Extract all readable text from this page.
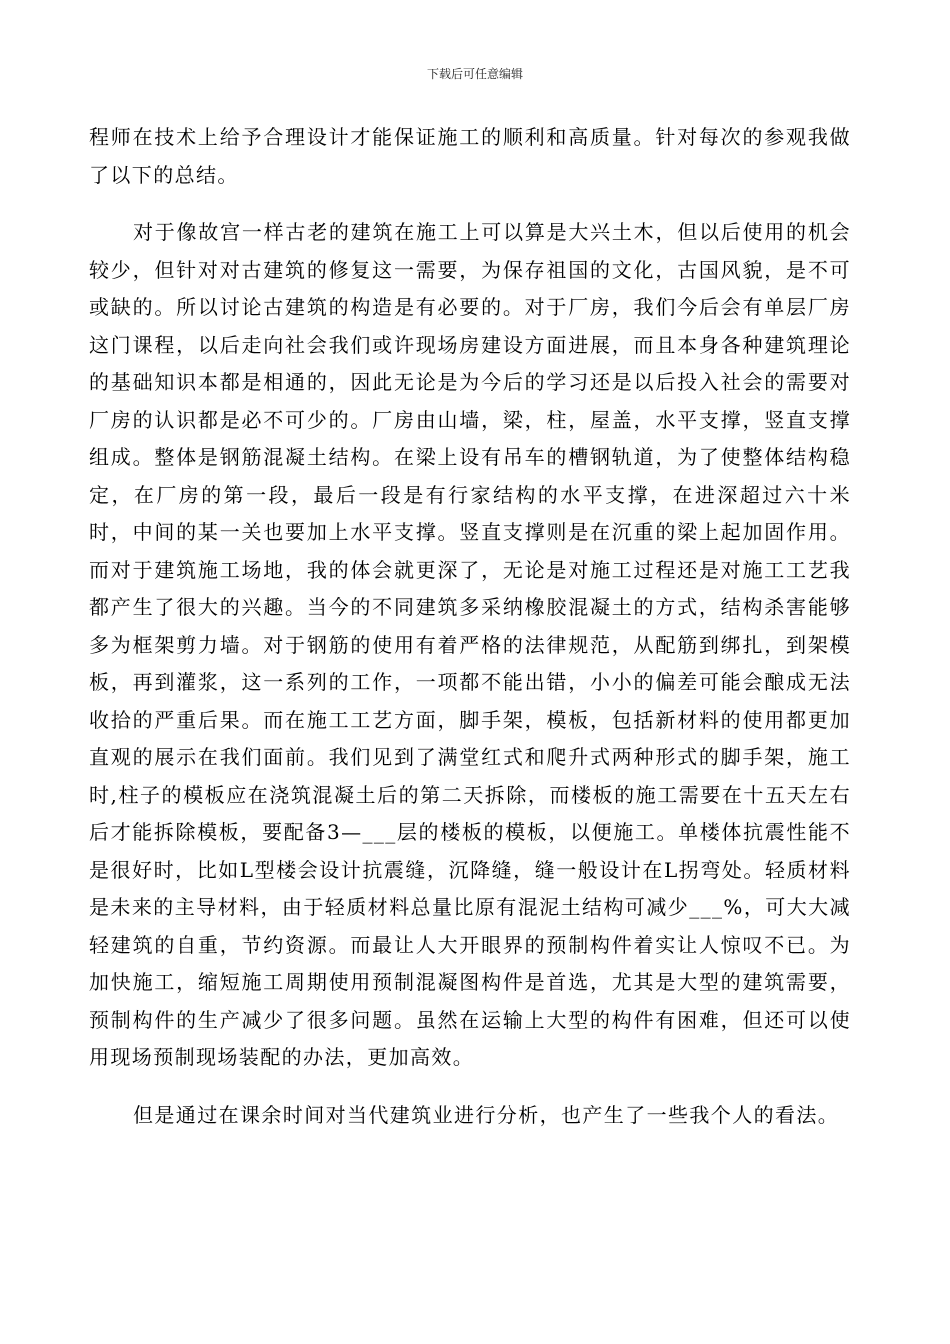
下载后可任意编辑

程师在技术上给予合理设计才能保证施工的顺利和高质量。针对每次的参观我做了以下的总结。

对于像故宫一样古老的建筑在施工上可以算是大兴土木，但以后使用的机会较少，但针对对古建筑的修复这一需要，为保存祖国的文化，古国风貌，是不可或缺的。所以讨论古建筑的构造是有必要的。对于厂房，我们今后会有单层厂房这门课程，以后走向社会我们或许现场房建设方面进展，而且本身各种建筑理论的基础知识本都是相通的，因此无论是为今后的学习还是以后投入社会的需要对厂房的认识都是必不可少的。厂房由山墙，梁，柱，屋盖，水平支撑，竖直支撑组成。整体是钢筋混凝土结构。在梁上设有吊车的槽钢轨道，为了使整体结构稳定，在厂房的第一段，最后一段是有行家结构的水平支撑，在进深超过六十米时，中间的某一关也要加上水平支撑。竖直支撑则是在沉重的梁上起加固作用。而对于建筑施工场地，我的体会就更深了，无论是对施工过程还是对施工工艺我都产生了很大的兴趣。当今的不同建筑多采纳橡胶混凝土的方式，结构杀害能够多为框架剪力墙。对于钢筋的使用有着严格的法律规范，从配筋到绑扎，到架模板，再到灌浆，这一系列的工作，一项都不能出错，小小的偏差可能会酿成无法收拾的严重后果。而在施工工艺方面，脚手架，模板，包括新材料的使用都更加直观的展示在我们面前。我们见到了满堂红式和爬升式两种形式的脚手架，施工时,柱子的模板应在浇筑混凝土后的第二天拆除，而楼板的施工需要在十五天左右后才能拆除模板，要配备3—___层的楼板的模板，以便施工。单楼体抗震性能不是很好时，比如L型楼会设计抗震缝，沉降缝，缝一般设计在L拐弯处。轻质材料是未来的主导材料，由于轻质材料总量比原有混泥土结构可减少___%，可大大减轻建筑的自重，节约资源。而最让人大开眼界的预制构件着实让人惊叹不已。为加快施工，缩短施工周期使用预制混凝图构件是首选，尤其是大型的建筑需要，预制构件的生产减少了很多问题。虽然在运输上大型的构件有困难，但还可以使用现场预制现场装配的办法，更加高效。

但是通过在课余时间对当代建筑业进行分析，也产生了一些我个人的看法。
